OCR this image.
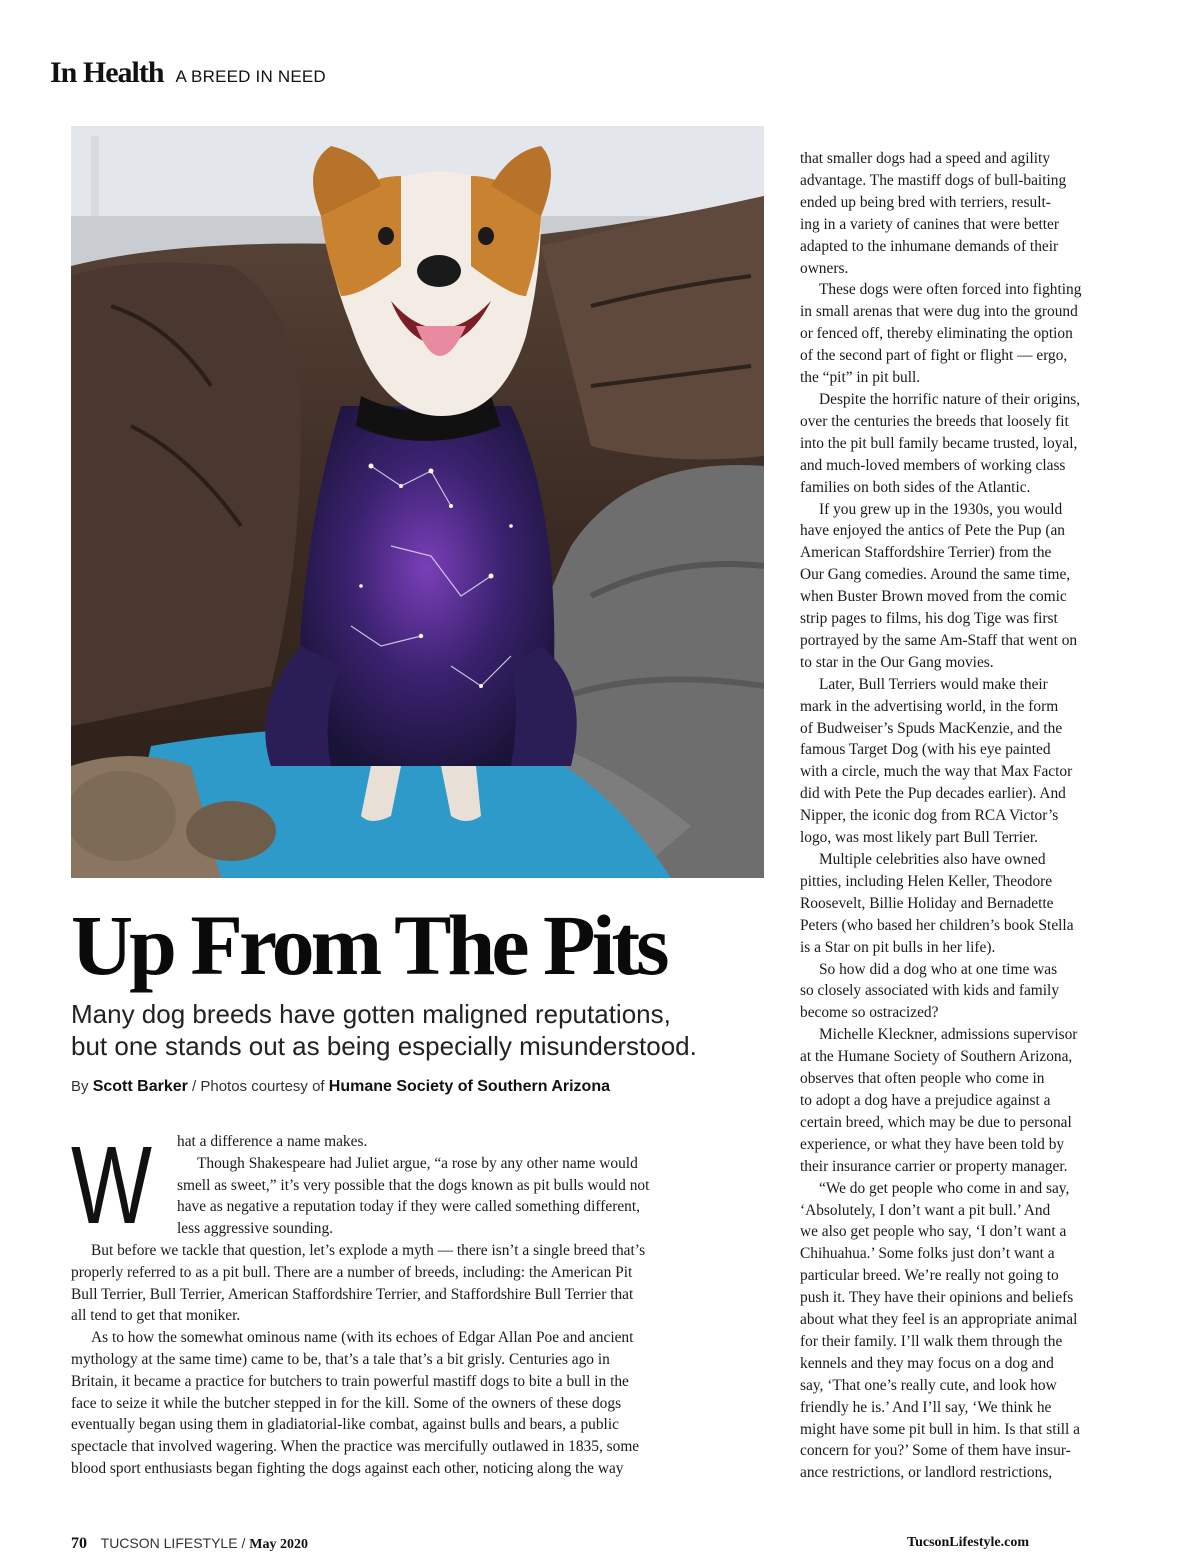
In Health A BREED IN NEED
Up From The Pits

Many dog breeds have gotten maligned reputations,

but one stands out as being especially misunderstood.

By Scott Barker / Photos courtesy of Humane Society of Southern Arizona
W	hat a difference a name makes.
Though Shakespeare had Juliet argue, “a rose by any other name would
smell as sweet,” it’s very possible that the dogs known as pit bulls would not
have as negative a reputation today if they were called something different,
less aggressive sounding.
But before we tackle that question, let’s explode a myth — there isn’t a single breed that’s
properly referred to as a pit bull. There are a number of breeds, including: the American Pit
Bull Terrier, Bull Terrier, American Staffordshire Terrier, and Staffordshire Bull Terrier that
all tend to get that moniker.
As to how the somewhat ominous name (with its echoes of Edgar Allan Poe and ancient
mythology at the same time) came to be, that’s a tale that’s a bit grisly. Centuries ago in
Britain, it became a practice for butchers to train powerful mastiff dogs to bite a bull in the
face to seize it while the butcher stepped in for the kill. Some of the owners of these dogs
eventually began using them in gladiatorial-like combat, against bulls and bears, a public
spectacle that involved wagering. When the practice was mercifully outlawed in 1835, some
blood sport enthusiasts began fighting the dogs against each other, noticing along the way
that smaller dogs had a speed and agility
advantage. The mastiff dogs of bull-baiting
ended up being bred with terriers, result-
ing in a variety of canines that were better
adapted to the inhumane demands of their
owners.
These dogs were often forced into fighting
in small arenas that were dug into the ground
or fenced off, thereby eliminating the option
of the second part of fight or flight — ergo,
the “pit” in pit bull.
Despite the horrific nature of their origins,
over the centuries the breeds that loosely fit
into the pit bull family became trusted, loyal,
and much-loved members of working class
families on both sides of the Atlantic.
If you grew up in the 1930s, you would
have enjoyed the antics of Pete the Pup (an
American Staffordshire Terrier) from the
Our Gang comedies. Around the same time,
when Buster Brown moved from the comic
strip pages to films, his dog Tige was first
portrayed by the same Am-Staff that went on
to star in the Our Gang movies.
Later, Bull Terriers would make their
mark in the advertising world, in the form
of Budweiser’s Spuds MacKenzie, and the
famous Target Dog (with his eye painted
with a circle, much the way that Max Factor
did with Pete the Pup decades earlier). And
Nipper, the iconic dog from RCA Victor’s
logo, was most likely part Bull Terrier.
Multiple celebrities also have owned
pitties, including Helen Keller, Theodore
Roosevelt, Billie Holiday and Bernadette
Peters (who based her children’s book Stella
is a Star on pit bulls in her life).
So how did a dog who at one time was
so closely associated with kids and family
become so ostracized?
Michelle Kleckner, admissions supervisor
at the Humane Society of Southern Arizona,
observes that often people who come in
to adopt a dog have a prejudice against a
certain breed, which may be due to personal
experience, or what they have been told by
their insurance carrier or property manager.
“We do get people who come in and say,
‘Absolutely, I don’t want a pit bull.’ And
we also get people who say, ‘I don’t want a
Chihuahua.’ Some folks just don’t want a
particular breed. We’re really not going to
push it. They have their opinions and beliefs
about what they feel is an appropriate animal
for their family. I’ll walk them through the
kennels and they may focus on a dog and
say, ‘That one’s really cute, and look how
friendly he is.’ And I’ll say, ‘We think he
might have some pit bull in him. Is that still a
concern for you?’ Some of them have insur-
ance restrictions, or landlord restrictions,
70 TUCSON LIFESTYLE / May 2020	TucsonLifestyle.com
